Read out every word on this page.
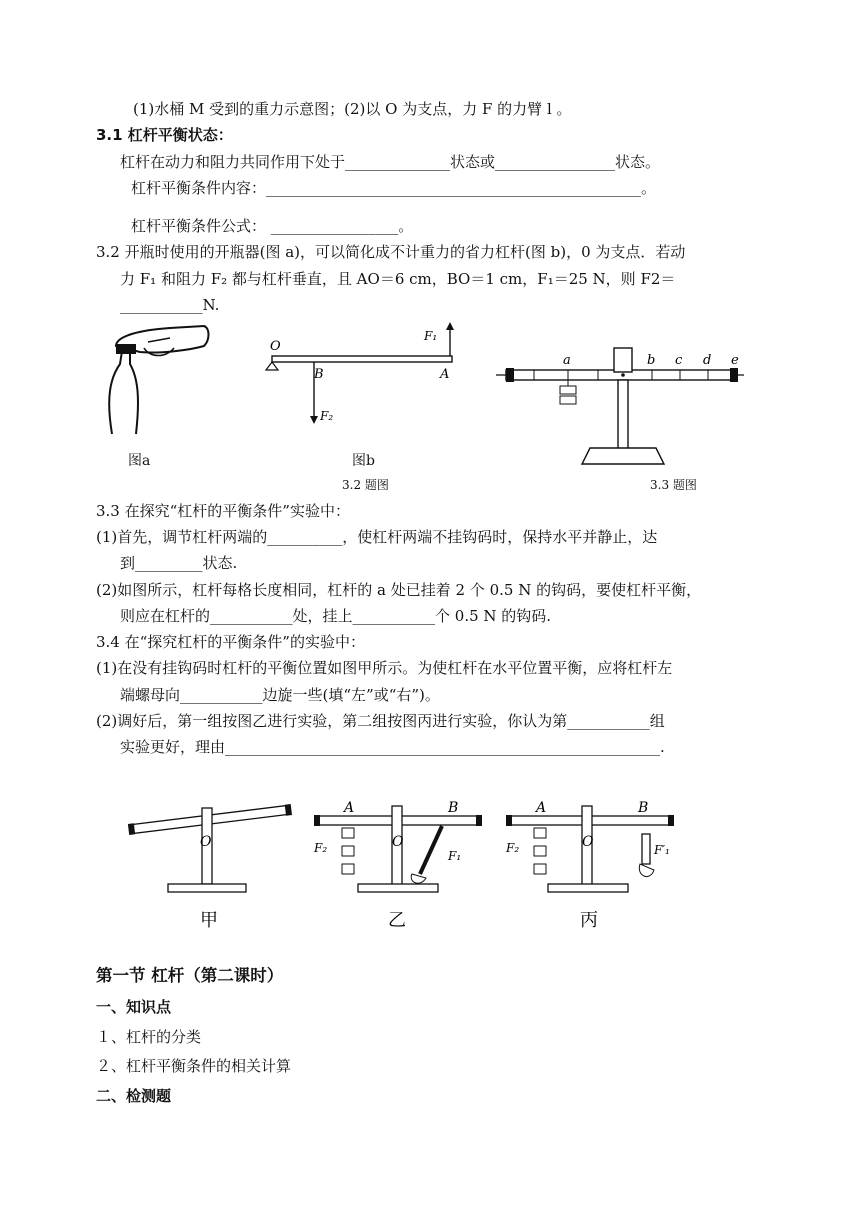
(1)水桶 M 受到的重力示意图；(2)以 O 为支点，力 F 的力臂 l 。
3.1 杠杆平衡状态：
杠杆在动力和阻力共同作用下处于______________状态或________________状态。
杠杆平衡条件内容：__________________________________________________。
杠杆平衡条件公式： _________________。
3.2 开瓶时使用的开瓶器(图 a)，可以简化成不计重力的省力杠杆(图 b)，0 为支点．若动
力 F₁ 和阻力 F₂ 都与杠杆垂直，且 AO＝6 cm，BO＝1 cm，F₁＝25 N，则 F2＝
___________N.
图a
O
B	A
F₁
F₂
图b
3.2 题图
a	b c d e
3.3 题图
3.3 在探究“杠杆的平衡条件”实验中：
(1)首先，调节杠杆两端的__________，使杠杆两端不挂钩码时，保持水平并静止，达
到_________状态.
(2)如图所示，杠杆每格长度相同，杠杆的 a 处已挂着 2 个 0.5 N 的钩码，要使杠杆平衡，
则应在杠杆的___________处，挂上___________个 0.5 N 的钩码.
3.4 在“探究杠杆的平衡条件”的实验中：
(1)在没有挂钩码时杠杆的平衡位置如图甲所示。为使杠杆在水平位置平衡，应将杠杆左
端螺母向___________边旋一些(填“左”或“右”)。
(2)调好后，第一组按图乙进行实验，第二组按图丙进行实验，你认为第___________组
实验更好，理由__________________________________________________________.
O
甲
A	B
O
F₂
F₁
乙
A	B
O
F₂	F′₁
丙
第一节 杠杆（第二课时）
一、知识点
１、杠杆的分类
２、杠杆平衡条件的相关计算
二、检测题
